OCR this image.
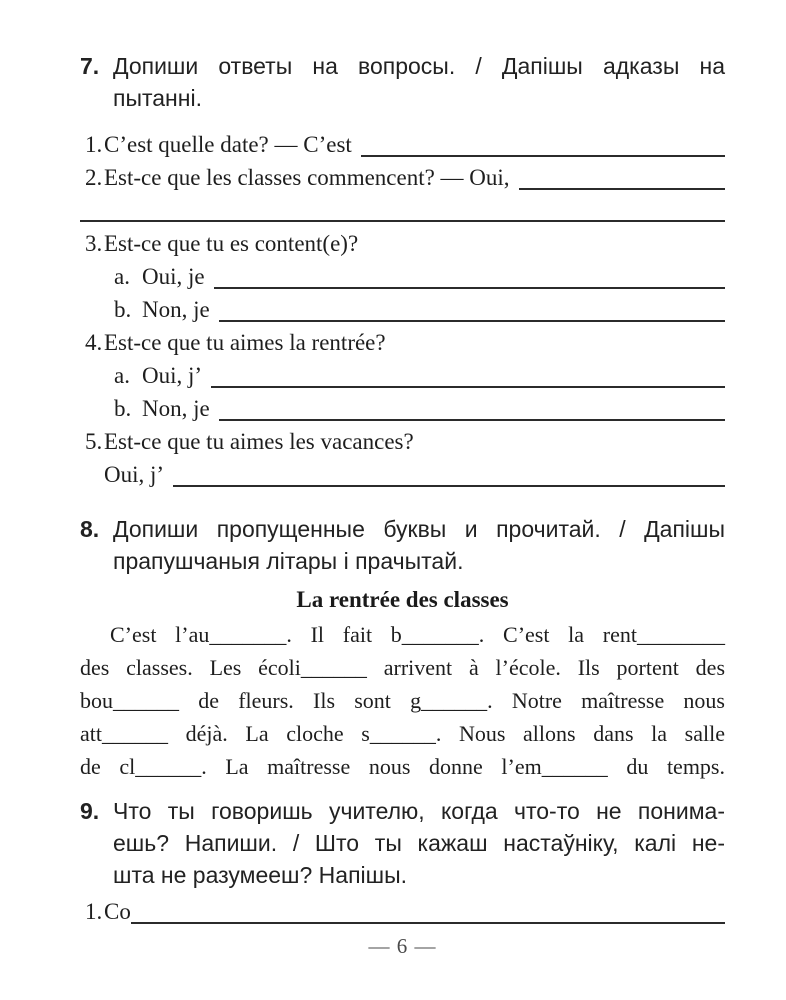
7. Допиши ответы на вопросы. / Дапішы адказы на
пытанні.
1. C’est quelle date? — C’est
2. Est-ce que les classes commencent? — Oui,
3. Est-ce que tu es content(e)?
a. Oui, je
b. Non, je
4. Est-ce que tu aimes la rentrée?
a. Oui, j’
b. Non, je
5. Est-ce que tu aimes les vacances?
Oui, j’
8. Допиши пропущенные буквы и прочитай. / Дапішы
прапушчаныя літары і прачытай.
La rentrée des classes
C’est l’au_______. Il fait b_______. C’est la rent________
des classes. Les écoli______ arrivent à l’école. Ils portent des
bou______ de fleurs. Ils sont g______. Notre maîtresse nous
att______ déjà. La cloche s______. Nous allons dans la salle
de cl______. La maîtresse nous donne l’em______ du temps.
9. Что ты говоришь учителю, когда что-то не понима-
ешь? Напиши. / Што ты кажаш настаўніку, калі не-
шта не разумееш? Напішы.
1. Co
— 6 —
